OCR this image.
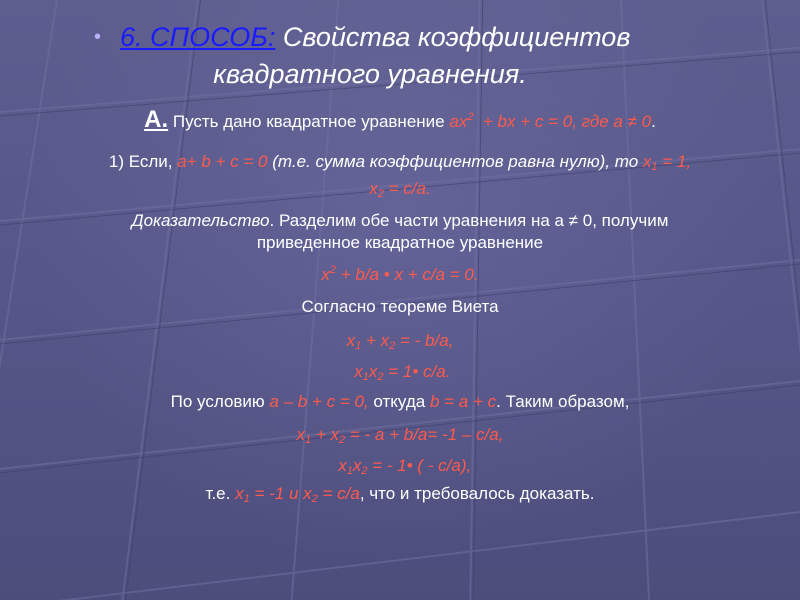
• 6. СПОСОБ: Свойства коэффициентов
квадратного уравнения.
А. Пусть дано квадратное уравнение $ax^2$ + bx + c = 0, где а ≠ 0.
1) Если, a+ b + c = 0 (т.е. сумма коэффициентов равна нулю), то $x_1 = 1$,
$x_2 = с/а$.
Доказательство. Разделим обе части уравнения на а ≠ 0, получим
приведенное квадратное уравнение
$x^2 + b/a$ • x + c/a = 0.
Согласно теореме Виета
$x_1 + x_2$ = - b/a,
$x_1x_2$ = 1• c/a.
По условию а – b + c = 0, откуда b = a + c. Таким образом,
$x_1 + x_2$ = - a + b/a= -1 – c/a,
$x_1x_2$ = - 1• ( - c/a),
т.е. $x_1 = -1$ и $x_2 = c/a$, что и требовалось доказать.
